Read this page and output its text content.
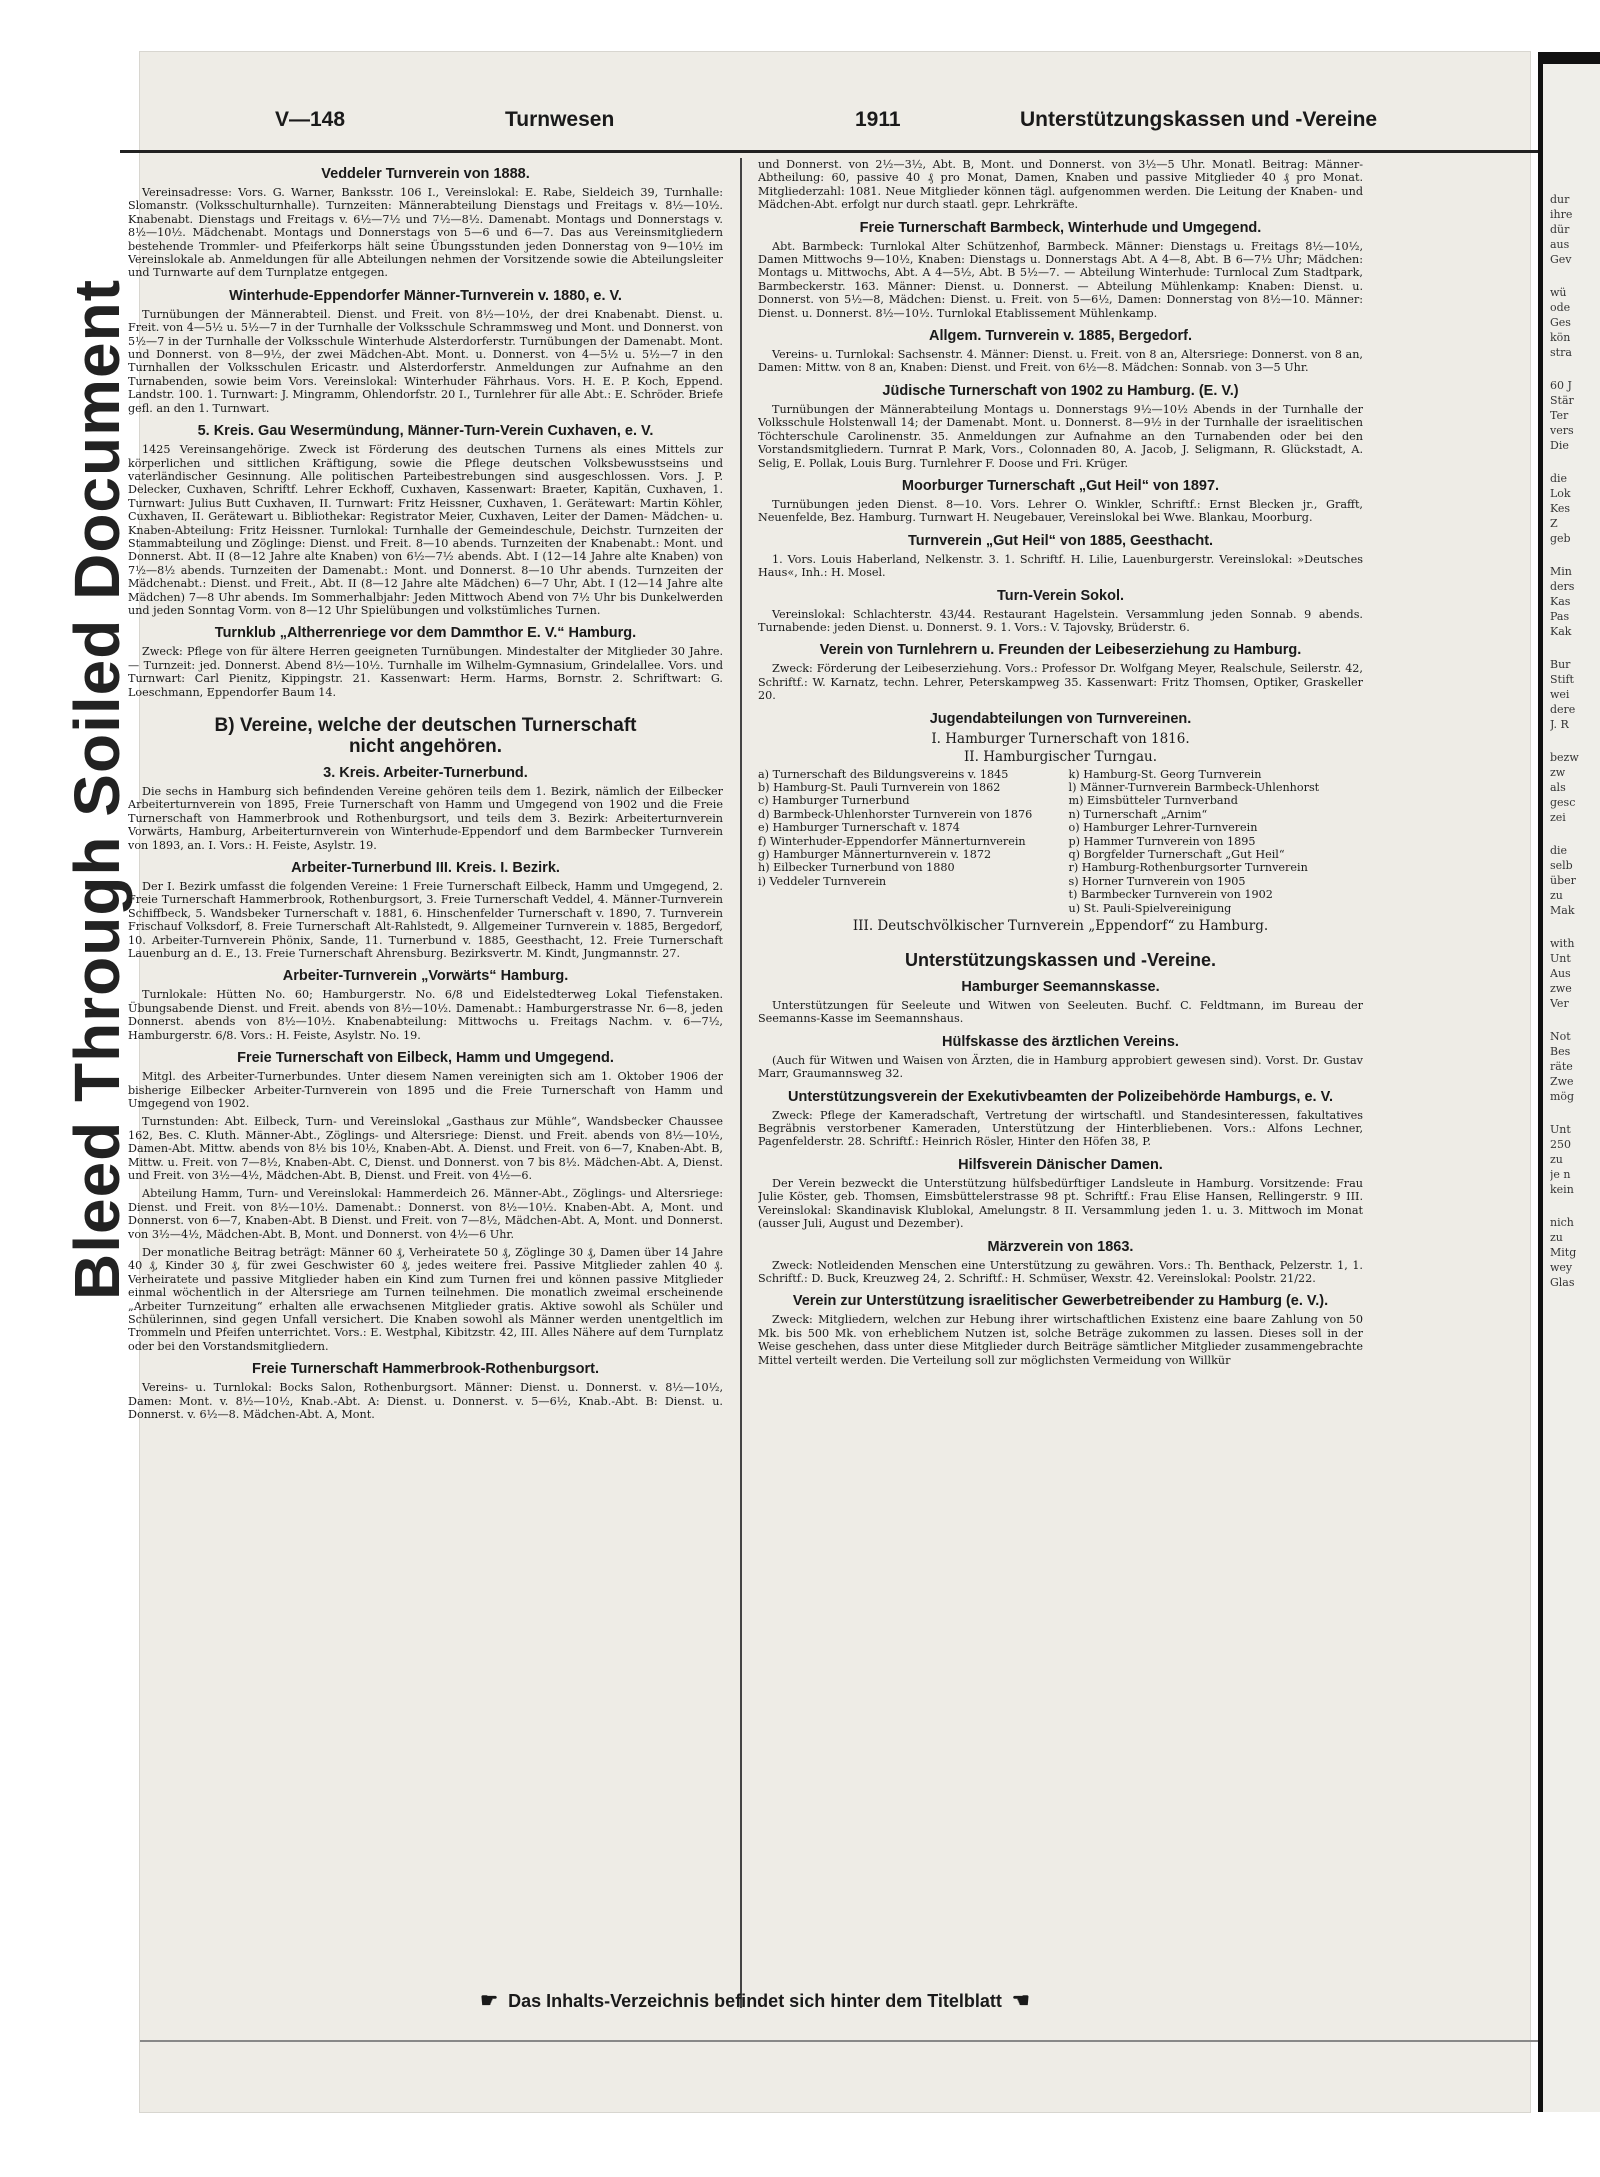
Bleed Through Soiled Document
V—148	Turnwesen	1911	Unterstützungskassen und -Vereine
Veddeler Turnverein von 1888.

Vereinsadresse: Vors. G. Warner, Banksstr. 106 I., Vereinslokal: E. Rabe, Sieldeich 39, Turnhalle: Slomanstr. (Volksschulturnhalle). Turnzeiten: Männerabteilung Dienstags und Freitags v. 8½—10½. Knabenabt. Dienstags und Freitags v. 6½—7½ und 7½—8½. Damenabt. Montags und Donnerstags v. 8½—10½. Mädchenabt. Montags und Donnerstags von 5—6 und 6—7. Das aus Vereinsmitgliedern bestehende Trommler- und Pfeiferkorps hält seine Übungsstunden jeden Donnerstag von 9—10½ im Vereinslokale ab. Anmeldungen für alle Abteilungen nehmen der Vorsitzende sowie die Abteilungsleiter und Turnwarte auf dem Turnplatze entgegen.

Winterhude-Eppendorfer Männer-Turnverein v. 1880, e. V.

Turnübungen der Männerabteil. Dienst. und Freit. von 8½—10½, der drei Knabenabt. Dienst. u. Freit. von 4—5½ u. 5½—7 in der Turnhalle der Volksschule Schrammsweg und Mont. und Donnerst. von 5½—7 in der Turnhalle der Volksschule Winterhude Alsterdorferstr. Turnübungen der Damenabt. Mont. und Donnerst. von 8—9½, der zwei Mädchen-Abt. Mont. u. Donnerst. von 4—5½ u. 5½—7 in den Turnhallen der Volksschulen Ericastr. und Alsterdorferstr. Anmeldungen zur Aufnahme an den Turnabenden, sowie beim Vors. Vereinslokal: Winterhuder Fährhaus. Vors. H. E. P. Koch, Eppend. Landstr. 100. 1. Turnwart: J. Mingramm, Ohlendorfstr. 20 I., Turnlehrer für alle Abt.: E. Schröder. Briefe gefl. an den 1. Turnwart.

5. Kreis. Gau Wesermündung, Männer-Turn-Verein Cuxhaven, e. V.

1425 Vereinsangehörige. Zweck ist Förderung des deutschen Turnens als eines Mittels zur körperlichen und sittlichen Kräftigung, sowie die Pflege deutschen Volksbewusstseins und vaterländischer Gesinnung. Alle politischen Parteibestrebungen sind ausgeschlossen. Vors. J. P. Delecker, Cuxhaven, Schriftf. Lehrer Eckhoff, Cuxhaven, Kassenwart: Braeter, Kapitän, Cuxhaven, 1. Turnwart: Julius Butt Cuxhaven, II. Turnwart: Fritz Heissner, Cuxhaven, 1. Gerätewart: Martin Köhler, Cuxhaven, II. Gerätewart u. Bibliothekar: Registrator Meier, Cuxhaven, Leiter der Damen- Mädchen- u. Knaben-Abteilung: Fritz Heissner. Turnlokal: Turnhalle der Gemeindeschule, Deichstr. Turnzeiten der Stammabteilung und Zöglinge: Dienst. und Freit. 8—10 abends. Turnzeiten der Knabenabt.: Mont. und Donnerst. Abt. II (8—12 Jahre alte Knaben) von 6½—7½ abends. Abt. I (12—14 Jahre alte Knaben) von 7½—8½ abends. Turnzeiten der Damenabt.: Mont. und Donnerst. 8—10 Uhr abends. Turnzeiten der Mädchenabt.: Dienst. und Freit., Abt. II (8—12 Jahre alte Mädchen) 6—7 Uhr, Abt. I (12—14 Jahre alte Mädchen) 7—8 Uhr abends. Im Sommerhalbjahr: Jeden Mittwoch Abend von 7½ Uhr bis Dunkelwerden und jeden Sonntag Vorm. von 8—12 Uhr Spielübungen und volkstümliches Turnen.

Turnklub „Altherrenriege vor dem Dammthor E. V.“ Hamburg.

Zweck: Pflege von für ältere Herren geeigneten Turnübungen. Mindestalter der Mitglieder 30 Jahre. — Turnzeit: jed. Donnerst. Abend 8½—10½. Turnhalle im Wilhelm-Gymnasium, Grindelallee. Vors. und Turnwart: Carl Pienitz, Kippingstr. 21. Kassenwart: Herm. Harms, Bornstr. 2. Schriftwart: G. Loeschmann, Eppendorfer Baum 14.

B) Vereine, welche der deutschen Turnerschaft
nicht angehören.
3. Kreis. Arbeiter-Turnerbund.

Die sechs in Hamburg sich befindenden Vereine gehören teils dem 1. Bezirk, nämlich der Eilbecker Arbeiterturnverein von 1895, Freie Turnerschaft von Hamm und Umgegend von 1902 und die Freie Turnerschaft von Hammerbrook und Rothenburgsort, und teils dem 3. Bezirk: Arbeiterturnverein Vorwärts, Hamburg, Arbeiterturnverein von Winterhude-Eppendorf und dem Barmbecker Turnverein von 1893, an. I. Vors.: H. Feiste, Asylstr. 19.

Arbeiter-Turnerbund III. Kreis. I. Bezirk.

Der I. Bezirk umfasst die folgenden Vereine: 1 Freie Turnerschaft Eilbeck, Hamm und Umgegend, 2. Freie Turnerschaft Hammerbrook, Rothenburgsort, 3. Freie Turnerschaft Veddel, 4. Männer-Turnverein Schiffbeck, 5. Wandsbeker Turnerschaft v. 1881, 6. Hinschenfelder Turnerschaft v. 1890, 7. Turnverein Frischauf Volksdorf, 8. Freie Turnerschaft Alt-Rahlstedt, 9. Allgemeiner Turnverein v. 1885, Bergedorf, 10. Arbeiter-Turnverein Phönix, Sande, 11. Turnerbund v. 1885, Geesthacht, 12. Freie Turnerschaft Lauenburg an d. E., 13. Freie Turnerschaft Ahrensburg. Bezirksvertr. M. Kindt, Jungmannstr. 27.

Arbeiter-Turnverein „Vorwärts“ Hamburg.

Turnlokale: Hütten No. 60; Hamburgerstr. No. 6/8 und Eidelstedterweg Lokal Tiefenstaken. Übungsabende Dienst. und Freit. abends von 8½—10½. Damenabt.: Hamburgerstrasse Nr. 6—8, jeden Donnerst. abends von 8½—10½. Knabenabteilung: Mittwochs u. Freitags Nachm. v. 6—7½, Hamburgerstr. 6/8. Vors.: H. Feiste, Asylstr. No. 19.

Freie Turnerschaft von Eilbeck, Hamm und Umgegend.

Mitgl. des Arbeiter-Turnerbundes. Unter diesem Namen vereinigten sich am 1. Oktober 1906 der bisherige Eilbecker Arbeiter-Turnverein von 1895 und die Freie Turnerschaft von Hamm und Umgegend von 1902.

Turnstunden: Abt. Eilbeck, Turn- und Vereinslokal „Gasthaus zur Mühle“, Wandsbecker Chaussee 162, Bes. C. Kluth. Männer-Abt., Zöglings- und Altersriege: Dienst. und Freit. abends von 8½—10½, Damen-Abt. Mittw. abends von 8½ bis 10½, Knaben-Abt. A. Dienst. und Freit. von 6—7, Knaben-Abt. B, Mittw. u. Freit. von 7—8½, Knaben-Abt. C, Dienst. und Donnerst. von 7 bis 8½. Mädchen-Abt. A, Dienst. und Freit. von 3½—4½, Mädchen-Abt. B, Dienst. und Freit. von 4½—6.

Abteilung Hamm, Turn- und Vereinslokal: Hammerdeich 26. Männer-Abt., Zöglings- und Altersriege: Dienst. und Freit. von 8½—10½. Damenabt.: Donnerst. von 8½—10½. Knaben-Abt. A, Mont. und Donnerst. von 6—7, Knaben-Abt. B Dienst. und Freit. von 7—8½, Mädchen-Abt. A, Mont. und Donnerst. von 3½—4½, Mädchen-Abt. B, Mont. und Donnerst. von 4½—6 Uhr.

Der monatliche Beitrag beträgt: Männer 60 ₰, Verheiratete 50 ₰, Zöglinge 30 ₰, Damen über 14 Jahre 40 ₰, Kinder 30 ₰, für zwei Geschwister 60 ₰, jedes weitere frei. Passive Mitglieder zahlen 40 ₰. Verheiratete und passive Mitglieder haben ein Kind zum Turnen frei und können passive Mitglieder einmal wöchentlich in der Altersriege am Turnen teilnehmen. Die monatlich zweimal erscheinende „Arbeiter Turnzeitung“ erhalten alle erwachsenen Mitglieder gratis. Aktive sowohl als Schüler und Schülerinnen, sind gegen Unfall versichert. Die Knaben sowohl als Männer werden unentgeltlich im Trommeln und Pfeifen unterrichtet. Vors.: E. Westphal, Kibitzstr. 42, III. Alles Nähere auf dem Turnplatz oder bei den Vorstandsmitgliedern.

Freie Turnerschaft Hammerbrook-Rothenburgsort.

Vereins- u. Turnlokal: Bocks Salon, Rothenburgsort. Männer: Dienst. u. Donnerst. v. 8½—10½, Damen: Mont. v. 8½—10½, Knab.-Abt. A: Dienst. u. Donnerst. v. 5—6½, Knab.-Abt. B: Dienst. u. Donnerst. v. 6½—8. Mädchen-Abt. A, Mont.

und Donnerst. von 2½—3½, Abt. B, Mont. und Donnerst. von 3½—5 Uhr. Monatl. Beitrag: Männer-Abtheilung: 60, passive 40 ₰ pro Monat, Damen, Knaben und passive Mitglieder 40 ₰ pro Monat. Mitgliederzahl: 1081. Neue Mitglieder können tägl. aufgenommen werden. Die Leitung der Knaben- und Mädchen-Abt. erfolgt nur durch staatl. gepr. Lehrkräfte.

Freie Turnerschaft Barmbeck, Winterhude und Umgegend.

Abt. Barmbeck: Turnlokal Alter Schützenhof, Barmbeck. Männer: Dienstags u. Freitags 8½—10½, Damen Mittwochs 9—10½, Knaben: Dienstags u. Donnerstags Abt. A 4—8, Abt. B 6—7½ Uhr; Mädchen: Montags u. Mittwochs, Abt. A 4—5½, Abt. B 5½—7. — Abteilung Winterhude: Turnlocal Zum Stadtpark, Barmbeckerstr. 163. Männer: Dienst. u. Donnerst. — Abteilung Mühlenkamp: Knaben: Dienst. u. Donnerst. von 5½—8, Mädchen: Dienst. u. Freit. von 5—6½, Damen: Donnerstag von 8½—10. Männer: Dienst. u. Donnerst. 8½—10½. Turnlokal Etablissement Mühlenkamp.

Allgem. Turnverein v. 1885, Bergedorf.

Vereins- u. Turnlokal: Sachsenstr. 4. Männer: Dienst. u. Freit. von 8 an, Altersriege: Donnerst. von 8 an, Damen: Mittw. von 8 an, Knaben: Dienst. und Freit. von 6½—8. Mädchen: Sonnab. von 3—5 Uhr.

Jüdische Turnerschaft von 1902 zu Hamburg. (E. V.)

Turnübungen der Männerabteilung Montags u. Donnerstags 9½—10½ Abends in der Turnhalle der Volksschule Holstenwall 14; der Damenabt. Mont. u. Donnerst. 8—9½ in der Turnhalle der israelitischen Töchterschule Carolinenstr. 35. Anmeldungen zur Aufnahme an den Turnabenden oder bei den Vorstandsmitgliedern. Turnrat P. Mark, Vors., Colonnaden 80, A. Jacob, J. Seligmann, R. Glückstadt, A. Selig, E. Pollak, Louis Burg. Turnlehrer F. Doose und Fri. Krüger.

Moorburger Turnerschaft „Gut Heil“ von 1897.

Turnübungen jeden Dienst. 8—10. Vors. Lehrer O. Winkler, Schriftf.: Ernst Blecken jr., Grafft, Neuenfelde, Bez. Hamburg. Turnwart H. Neugebauer, Vereinslokal bei Wwe. Blankau, Moorburg.

Turnverein „Gut Heil“ von 1885, Geesthacht.

1. Vors. Louis Haberland, Nelkenstr. 3. 1. Schriftf. H. Lilie, Lauenburgerstr. Vereinslokal: »Deutsches Haus«, Inh.: H. Mosel.

Turn-Verein Sokol.

Vereinslokal: Schlachterstr. 43/44. Restaurant Hagelstein. Versammlung jeden Sonnab. 9 abends. Turnabende: jeden Dienst. u. Donnerst. 9. 1. Vors.: V. Tajovsky, Brüderstr. 6.

Verein von Turnlehrern u. Freunden der Leibeserziehung zu Hamburg.

Zweck: Förderung der Leibeserziehung. Vors.: Professor Dr. Wolfgang Meyer, Realschule, Seilerstr. 42, Schriftf.: W. Karnatz, techn. Lehrer, Peterskampweg 35. Kassenwart: Fritz Thomsen, Optiker, Graskeller 20.

Jugendabteilungen von Turnvereinen.
I. Hamburger Turnerschaft von 1816.
II. Hamburgischer Turngau.
a) Turnerschaft des Bildungsvereins v. 1845
b) Hamburg-St. Pauli Turnverein von 1862
c) Hamburger Turnerbund
d) Barmbeck-Uhlenhorster Turnverein von 1876
e) Hamburger Turnerschaft v. 1874
f) Winterhuder-Eppendorfer Männerturnverein
g) Hamburger Männerturnverein v. 1872
h) Eilbecker Turnerbund von 1880
i) Veddeler Turnverein
k) Hamburg-St. Georg Turnverein
l) Männer-Turnverein Barmbeck-Uhlenhorst
m) Eimsbütteler Turnverband
n) Turnerschaft „Arnim“
o) Hamburger Lehrer-Turnverein
p) Hammer Turnverein von 1895
q) Borgfelder Turnerschaft „Gut Heil“
r) Hamburg-Rothenburgsorter Turnverein
s) Horner Turnverein von 1905
t) Barmbecker Turnverein von 1902
u) St. Pauli-Spielvereinigung
III. Deutschvölkischer Turnverein „Eppendorf“ zu Hamburg.
Unterstützungskassen und -Vereine.
Hamburger Seemannskasse.

Unterstützungen für Seeleute und Witwen von Seeleuten. Buchf. C. Feldtmann, im Bureau der Seemanns-Kasse im Seemannshaus.

Hülfskasse des ärztlichen Vereins.

(Auch für Witwen und Waisen von Ärzten, die in Hamburg approbiert gewesen sind). Vorst. Dr. Gustav Marr, Graumannsweg 32.

Unterstützungsverein der Exekutivbeamten der Polizeibehörde Hamburgs, e. V.

Zweck: Pflege der Kameradschaft, Vertretung der wirtschaftl. und Standesinteressen, fakultatives Begräbnis verstorbener Kameraden, Unterstützung der Hinterbliebenen. Vors.: Alfons Lechner, Pagenfelderstr. 28. Schriftf.: Heinrich Rösler, Hinter den Höfen 38, P.

Hilfsverein Dänischer Damen.

Der Verein bezweckt die Unterstützung hülfsbedürftiger Landsleute in Hamburg. Vorsitzende: Frau Julie Köster, geb. Thomsen, Eimsbüttelerstrasse 98 pt. Schriftf.: Frau Elise Hansen, Rellingerstr. 9 III. Vereinslokal: Skandinavisk Klublokal, Amelungstr. 8 II. Versammlung jeden 1. u. 3. Mittwoch im Monat (ausser Juli, August und Dezember).

Märzverein von 1863.

Zweck: Notleidenden Menschen eine Unterstützung zu gewähren. Vors.: Th. Benthack, Pelzerstr. 1, 1. Schriftf.: D. Buck, Kreuzweg 24, 2. Schriftf.: H. Schmüser, Wexstr. 42. Vereinslokal: Poolstr. 21/22.

Verein zur Unterstützung israelitischer Gewerbetreibender zu Hamburg (e. V.).

Zweck: Mitgliedern, welchen zur Hebung ihrer wirtschaftlichen Existenz eine baare Zahlung von 50 Mk. bis 500 Mk. von erheblichem Nutzen ist, solche Beträge zukommen zu lassen. Dieses soll in der Weise geschehen, dass unter diese Mitglieder durch Beiträge sämtlicher Mitglieder zusammengebrachte Mittel verteilt werden. Die Verteilung soll zur möglichsten Vermeidung von Willkür

☛ Das Inhalts-Verzeichnis befindet sich hinter dem Titelblatt ☚
dur
ihre
dür
aus
Gev
wü
ode
Ges
kön
stra
60 J
Stär
Ter
vers
Die
die
Lok
Kes
Z
geb
Min
ders
Kas
Pas
Kak
Bur
Stift
wei
dere
J. R
bezw
zw
als
gesc
zei
die
selb
über
zu
Mak
with
Unt
Aus
zwe
Ver
Not
Bes
räte
Zwe
mög
Unt
250
zu
je n
kein
nich
zu
Mitg
wey
Glas
